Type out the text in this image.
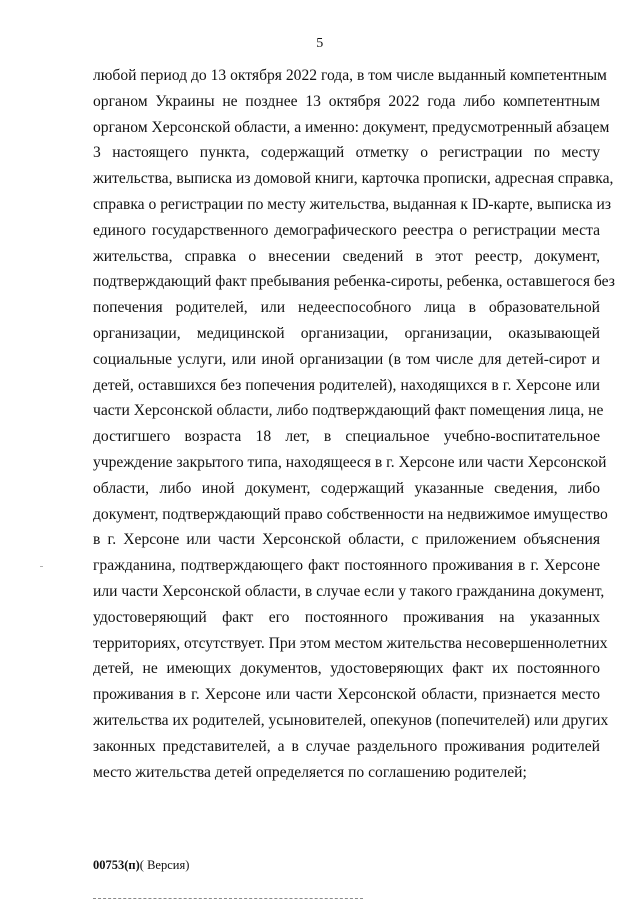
5
любой период до 13 октября 2022 года, в том числе выданный компетентным
органом Украины не позднее 13 октября 2022 года либо компетентным
органом Херсонской области, а именно: документ, предусмотренный абзацем
3 настоящего пункта, содержащий отметку о регистрации по месту
жительства, выписка из домовой книги, карточка прописки, адресная справка,
справка о регистрации по месту жительства, выданная к ID-карте, выписка из
единого государственного демографического реестра о регистрации места
жительства, справка о внесении сведений в этот реестр, документ,
подтверждающий факт пребывания ребенка-сироты, ребенка, оставшегося без
попечения родителей, или недееспособного лица в образовательной
организации, медицинской организации, организации, оказывающей
социальные услуги, или иной организации (в том числе для детей-сирот и
детей, оставшихся без попечения родителей), находящихся в г. Херсоне или
части Херсонской области, либо подтверждающий факт помещения лица, не
достигшего возраста 18 лет, в специальное учебно-воспитательное
учреждение закрытого типа, находящееся в г. Херсоне или части Херсонской
области, либо иной документ, содержащий указанные сведения, либо
документ, подтверждающий право собственности на недвижимое имущество
в г. Херсоне или части Херсонской области, с приложением объяснения
гражданина, подтверждающего факт постоянного проживания в г. Херсоне
или части Херсонской области, в случае если у такого гражданина документ,
удостоверяющий факт его постоянного проживания на указанных
территориях, отсутствует. При этом местом жительства несовершеннолетних
детей, не имеющих документов, удостоверяющих факт их постоянного
проживания в г. Херсоне или части Херсонской области, признается место
жительства их родителей, усыновителей, опекунов (попечителей) или других
законных представителей, а в случае раздельного проживания родителей
место жительства детей определяется по соглашению родителей;
00753(п)( Версия)
